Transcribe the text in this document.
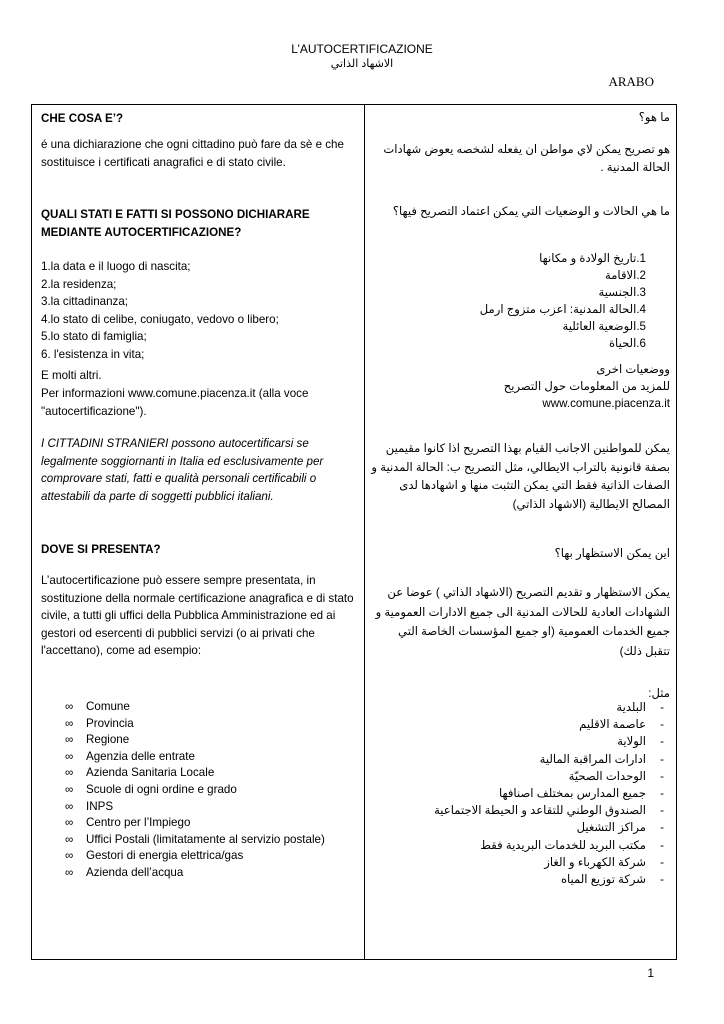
L’AUTOCERTIFICAZIONE
الاشهاد الذاتي
ARABO

CHE COSA E’?

é una dichiarazione che ogni cittadino può fare da sè e che sostituisce i certificati anagrafici e di stato civile.

QUALI STATI E FATTI SI POSSONO DICHIARARE MEDIANTE AUTOCERTIFICAZIONE?

1.la data e il luogo di nascita;
2.la residenza;
3.la cittadinanza;
4.lo stato di celibe, coniugato, vedovo o libero;
5.lo stato di famiglia;
6. l'esistenza in vita;

E molti altri.

Per informazioni www.comune.piacenza.it (alla voce "autocertificazione").

I CITTADINI STRANIERI possono autocertificarsi se legalmente soggiornanti in Italia ed esclusivamente per comprovare stati, fatti e qualità personali certificabili o attestabili da parte di soggetti pubblici italiani.

DOVE SI PRESENTA?

L’autocertificazione può essere sempre presentata, in sostituzione della normale certificazione anagrafica e di stato civile, a tutti gli uffici della Pubblica Amministrazione ed ai gestori od esercenti di pubblici servizi (o ai privati che l'accettano), come ad esempio:

∞ Comune
∞ Provincia
∞ Regione
∞ Agenzia delle entrate
∞ Azienda Sanitaria Locale
∞ Scuole di ogni ordine e grado
∞ INPS
∞ Centro per l’Impiego
∞ Uffici Postali (limitatamente al servizio postale)
∞ Gestori di energia elettrica/gas
∞ Azienda dell’acqua

ما هو؟

هو تصريح يمكن لاي مواطن ان يفعله لشخصه يعوض شهادات الحالة المدنية .

ما هي الحالات و الوضعيات التي يمكن اعتماد التصريح فيها؟

1.تاريخ الولادة و مكانها
2.الاقامة
3.الجنسية
4.الحالة المدنية: اعزب متزوج ارمل
5.الوضعية العائلية
6.الحياة

ووضعيات اخرى

للمزيد من المعلومات حول التصريح

www.comune.piacenza.it

يمكن للمواطنين الاجانب القيام بهذا التصريح اذا كانوا مقيمين بصفة قانونية بالتراب الايطالي، مثل التصريح ب: الحالة المدنية و الصفات الذاتية فقط التي يمكن التثبت منها و اشهادها لدى المصالح الايطالية (الاشهاد الذاتي)

اين يمكن الاستظهار بها؟

يمكن الاستظهار و تقديم التصريح (الاشهاد الذاتي ) عوضا عن الشهادات العادية للحالات المدنية الى جميع الادارات العمومية و جميع الخدمات العمومية (او جميع المؤسسات الخاصة التي تتقبل ذلك)

مثل:

-
البلدية
-
عاصمة الاقليم
-
الولاية
-
ادارات المراقبة المالية
-
الوحدات الصحيّة
-
جميع المدارس بمختلف اصنافها
-
الصندوق الوطني للتقاعد و الحيطة الاجتماعية
-
مراكز التشغيل
-
مكتب البريد للخدمات البريدية فقط
-
شركة الكهرباء و الغاز
-
شركة توزيع المياه
1
